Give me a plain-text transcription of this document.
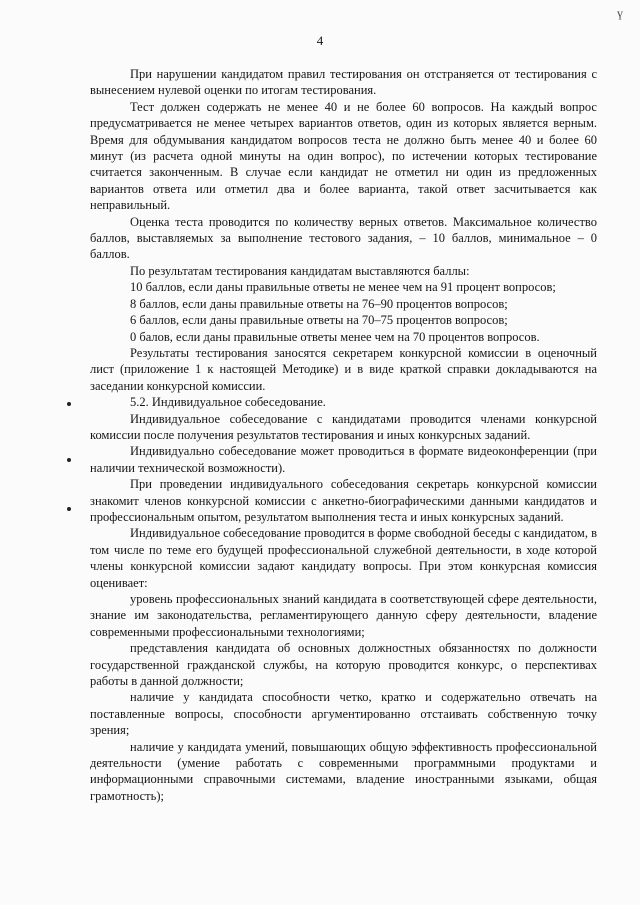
ү
4

При нарушении кандидатом правил тестирования он отстраняется от тестирования с вынесением нулевой оценки по итогам тестирования.

Тест должен содержать не менее 40 и не более 60 вопросов. На каждый вопрос предусматривается не менее четырех вариантов ответов, один из которых является верным. Время для обдумывания кандидатом вопросов теста не должно быть менее 40 и более 60 минут (из расчета одной минуты на один вопрос), по истечении которых тестирование считается законченным. В случае если кандидат не отметил ни один из предложенных вариантов ответа или отметил два и более варианта, такой ответ засчитывается как неправильный.

Оценка теста проводится по количеству верных ответов. Максимальное количество баллов, выставляемых за выполнение тестового задания, – 10 баллов, минимальное – 0 баллов.

По результатам тестирования кандидатам выставляются баллы:

10 баллов, если даны правильные ответы не менее чем на 91 процент вопросов;

8 баллов, если даны правильные ответы на 76–90 процентов вопросов;

6 баллов, если даны правильные ответы на 70–75 процентов вопросов;

0 балов, если даны правильные ответы менее чем на 70 процентов вопросов.

Результаты тестирования заносятся секретарем конкурсной комиссии в оценочный лист (приложение 1 к настоящей Методике) и в виде краткой справки докладываются на заседании конкурсной комиссии.

5.2. Индивидуальное собеседование.

Индивидуальное собеседование с кандидатами проводится членами конкурсной комиссии после получения результатов тестирования и иных конкурсных заданий.

Индивидуально собеседование может проводиться в формате видеоконференции (при наличии технической возможности).

При проведении индивидуального собеседования секретарь конкурсной комиссии знакомит членов конкурсной комиссии с анкетно-биографическими данными кандидатов и профессиональным опытом, результатом выполнения теста и иных конкурсных заданий.

Индивидуальное собеседование проводится в форме свободной беседы с кандидатом, в том числе по теме его будущей профессиональной служебной деятельности, в ходе которой члены конкурсной комиссии задают кандидату вопросы. При этом конкурсная комиссия оценивает:

уровень профессиональных знаний кандидата в соответствующей сфере деятельности, знание им законодательства, регламентирующего данную сферу деятельности, владение современными профессиональными технологиями;

представления кандидата об основных должностных обязанностях по должности государственной гражданской службы, на которую проводится конкурс, о перспективах работы в данной должности;

наличие у кандидата способности четко, кратко и содержательно отвечать на поставленные вопросы, способности аргументированно отстаивать собственную точку зрения;

наличие у кандидата умений, повышающих общую эффективность профессиональной деятельности (умение работать с современными программными продуктами и информационными справочными системами, владение иностранными языками, общая грамотность);
